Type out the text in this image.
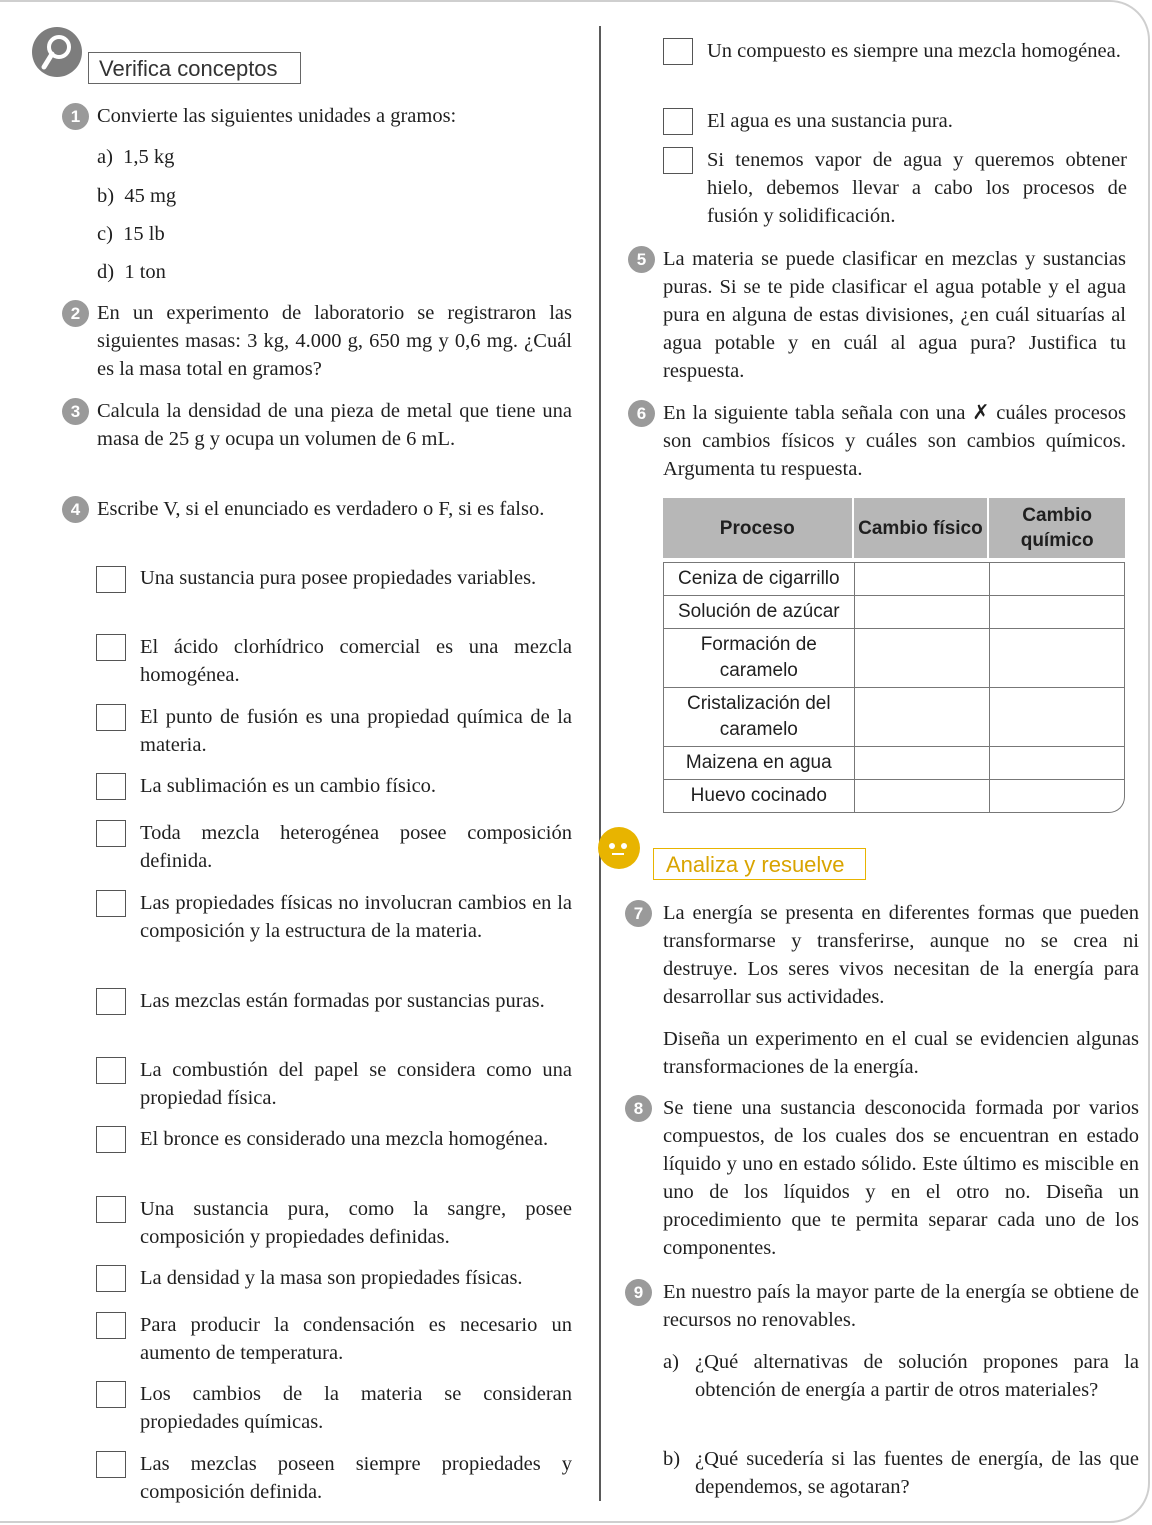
Verifica conceptos
1 Convierte las siguientes unidades a gramos:
a)  1,5 kg
b)  45 mg
c)  15 lb
d)  1 ton
2 En un experimento de laboratorio se registraron las siguientes masas: 3 kg, 4.000 g, 650 mg y 0,6 mg. ¿Cuál es la masa total en gramos?
3 Calcula la densidad de una pieza de metal que tiene una masa de 25 g y ocupa un volumen de 6 mL.
4 Escribe V, si el enunciado es verdadero o F, si es falso.
Una sustancia pura posee propiedades variables.
El ácido clorhídrico comercial es una mezcla homogénea.
El punto de fusión es una propiedad química de la materia.
La sublimación es un cambio físico.
Toda mezcla heterogénea posee composición definida.
Las propiedades físicas no involucran cambios en la composición y la estructura de la materia.
Las mezclas están formadas por sustancias puras.
La combustión del papel se considera como una propiedad física.
El bronce es considerado una mezcla homogénea.
Una sustancia pura, como la sangre, posee composición y propiedades definidas.
La densidad y la masa son propiedades físicas.
Para producir la condensación es necesario un aumento de temperatura.
Los cambios de la materia se consideran propiedades químicas.
Las mezclas poseen siempre propiedades y composición definida.
Un compuesto es siempre una mezcla homogénea.
El agua es una sustancia pura.
Si tenemos vapor de agua y queremos obtener hielo, debemos llevar a cabo los procesos de fusión y solidificación.
5 La materia se puede clasificar en mezclas y sustancias puras. Si se te pide clasificar el agua potable y el agua pura en alguna de estas divisiones, ¿en cuál situarías al agua potable y en cuál al agua pura? Justifica tu respuesta.
6 En la siguiente tabla señala con una ✗ cuáles procesos son cambios físicos y cuáles son cambios químicos. Argumenta tu respuesta.
Proceso	Cambio físico	Cambio químico

Ceniza de cigarrillo		
Solución de azúcar		
Formación de caramelo		
Cristalización del caramelo		
Maizena en agua		
Huevo cocinado		
Analiza y resuelve
7 La energía se presenta en diferentes formas que pueden transformarse y transferirse, aunque no se crea ni destruye. Los seres vivos necesitan de la energía para desarrollar sus actividades.
Diseña un experimento en el cual se evidencien algunas transformaciones de la energía.
8 Se tiene una sustancia desconocida formada por varios compuestos, de los cuales dos se encuentran en estado líquido y uno en estado sólido. Este último es miscible en uno de los líquidos y en el otro no. Diseña un procedimiento que te permita separar cada uno de los componentes.
9 En nuestro país la mayor parte de la energía se obtiene de recursos no renovables.
a) ¿Qué alternativas de solución propones para la obtención de energía a partir de otros materiales?
b) ¿Qué sucedería si las fuentes de energía, de las que dependemos, se agotaran?
